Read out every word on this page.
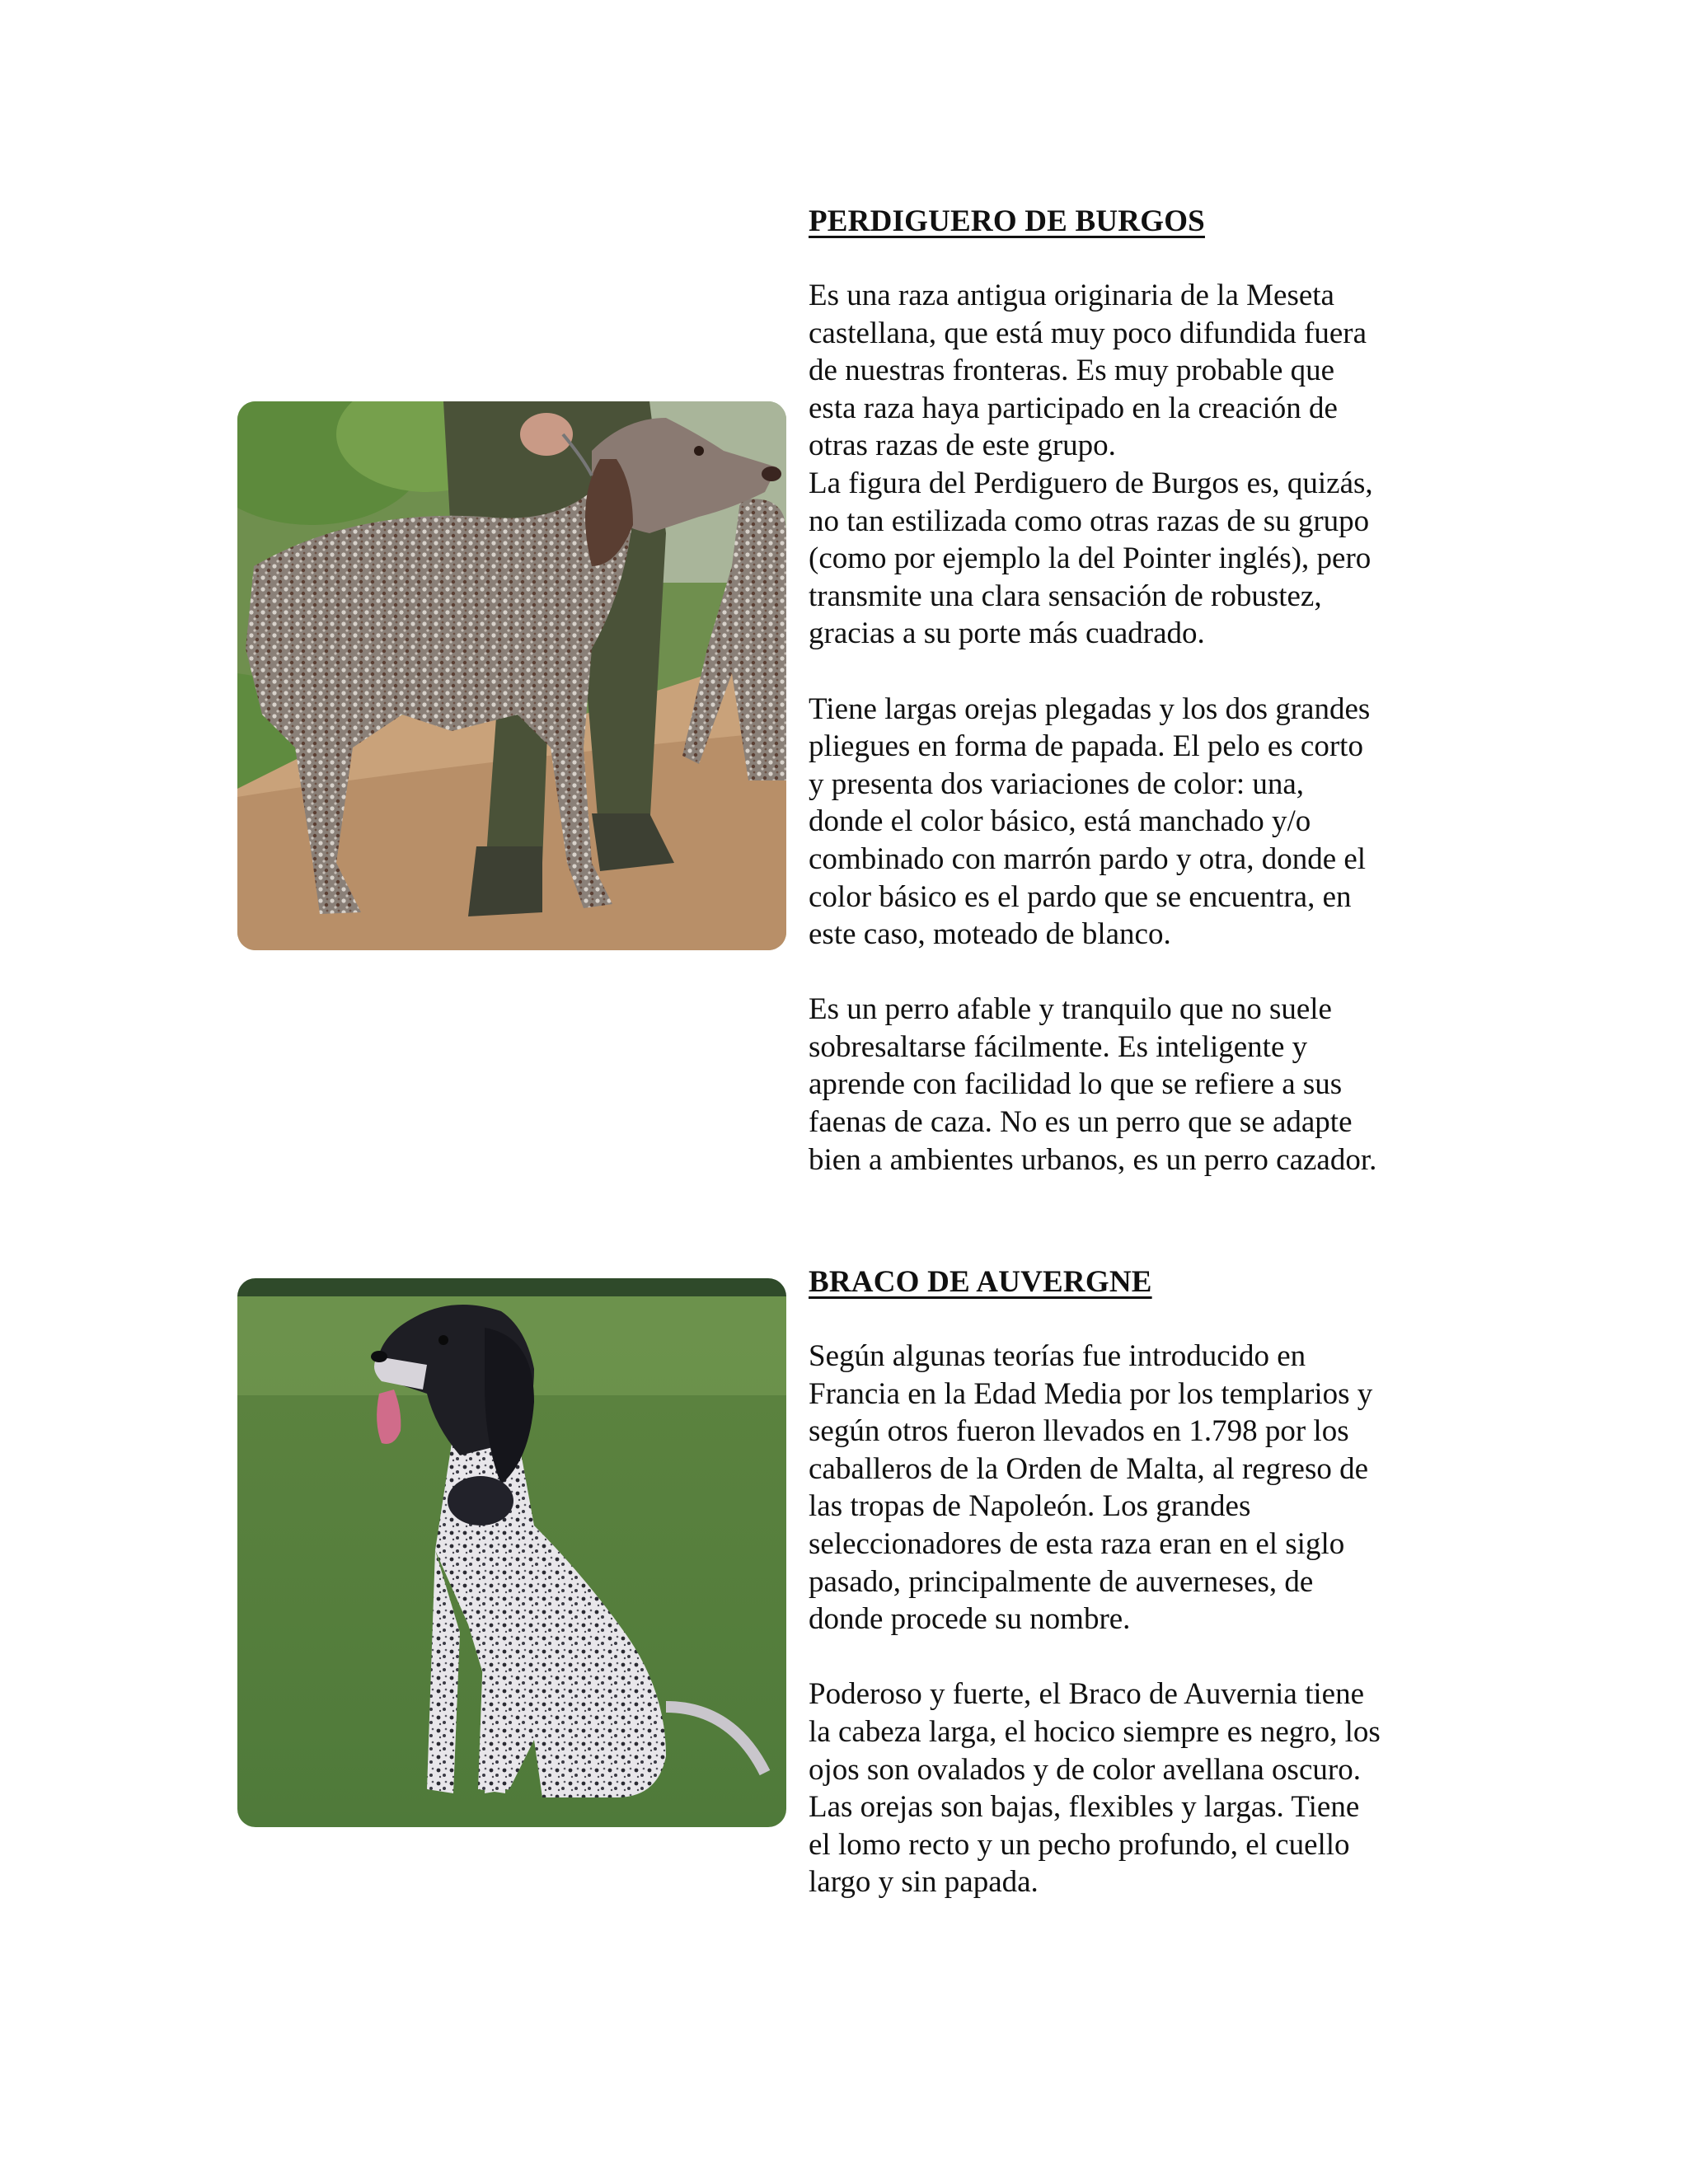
PERDIGUERO DE BURGOS

Es una raza antigua originaria de la Meseta
castellana, que está muy poco difundida fuera
de nuestras fronteras. Es muy probable que
esta raza haya participado en la creación de
otras razas de este grupo.
La figura del Perdiguero de Burgos es, quizás,
no tan estilizada como otras razas de su grupo
(como por ejemplo la del Pointer inglés), pero
transmite una clara sensación de robustez,
gracias a su porte más cuadrado.

Tiene largas orejas plegadas y los dos grandes
pliegues en forma de papada. El pelo es corto
y presenta dos variaciones de color: una,
donde el color básico, está manchado y/o
combinado con marrón pardo y otra, donde el
color básico es el pardo que se encuentra, en
este caso, moteado de blanco.

Es un perro afable y tranquilo que no suele
sobresaltarse fácilmente. Es inteligente y
aprende con facilidad lo que se refiere a sus
faenas de caza. No es un perro que se adapte
bien a ambientes urbanos, es un perro cazador.

BRACO DE AUVERGNE

Según algunas teorías fue introducido en
Francia en la Edad Media por los templarios y
según otros fueron llevados en 1.798 por los
caballeros de la Orden de Malta, al regreso de
las tropas de Napoleón. Los grandes
seleccionadores de esta raza eran en el siglo
pasado, principalmente de auverneses, de
donde procede su nombre.

Poderoso y fuerte, el Braco de Auvernia tiene
la cabeza larga, el hocico siempre es negro, los
ojos son ovalados y de color avellana oscuro.
Las orejas son bajas, flexibles y largas. Tiene
el lomo recto y un pecho profundo, el cuello
largo y sin papada.
